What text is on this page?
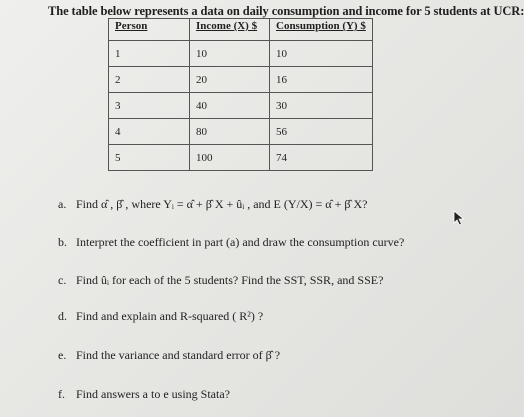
The table below represents a data on daily consumption and income for 5 students at UCR:
Person	Income (X) $	Consumption (Y) $
1	10	10
2	20	16
3	40	30
4	80	56
5	100	74
a. Find α̂ , β̂ , where Yᵢ = α̂ + β̂ X + ûᵢ , and E (Y/X) = α̂ + β̂ X?
b. Interpret the coefficient in part (a) and draw the consumption curve?
c. Find ûᵢ for each of the 5 students? Find the SST, SSR, and SSE?
d. Find and explain and R-squared ( R²) ?
e. Find the variance and standard error of β̂ ?
f. Find answers a to e using Stata?
